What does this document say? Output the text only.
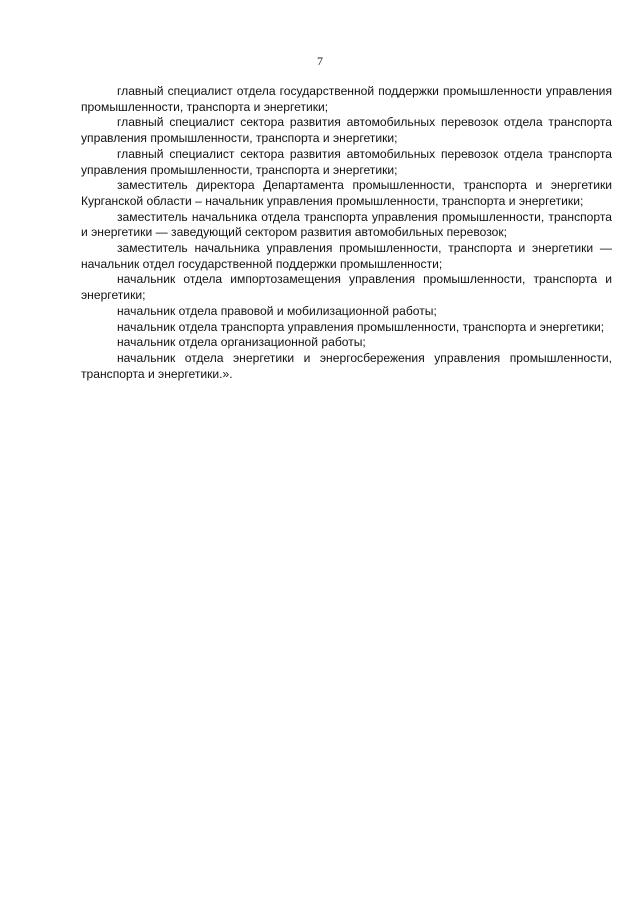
7

главный специалист отдела государственной поддержки промышленности управления промышленности, транспорта и энергетики;

главный специалист сектора развития автомобильных перевозок отдела транспорта управления промышленности, транспорта и энергетики;

главный специалист сектора развития автомобильных перевозок отдела транспорта управления промышленности, транспорта и энергетики;

заместитель директора Департамента промышленности, транспорта и энергетики Курганской области – начальник управления промышленности, транспорта и энергетики;

заместитель начальника отдела транспорта управления промышленности, транспорта и энергетики — заведующий сектором развития автомобильных перевозок;

заместитель начальника управления промышленности, транспорта и энергетики — начальник отдел государственной поддержки промышленности;

начальник отдела импортозамещения управления промышленности, транспорта и энергетики;

начальник отдела правовой и мобилизационной работы;

начальник отдела транспорта управления промышленности, транспорта и энергетики;

начальник отдела организационной работы;

начальник отдела энергетики и энергосбережения управления промышленности, транспорта и энергетики.».
